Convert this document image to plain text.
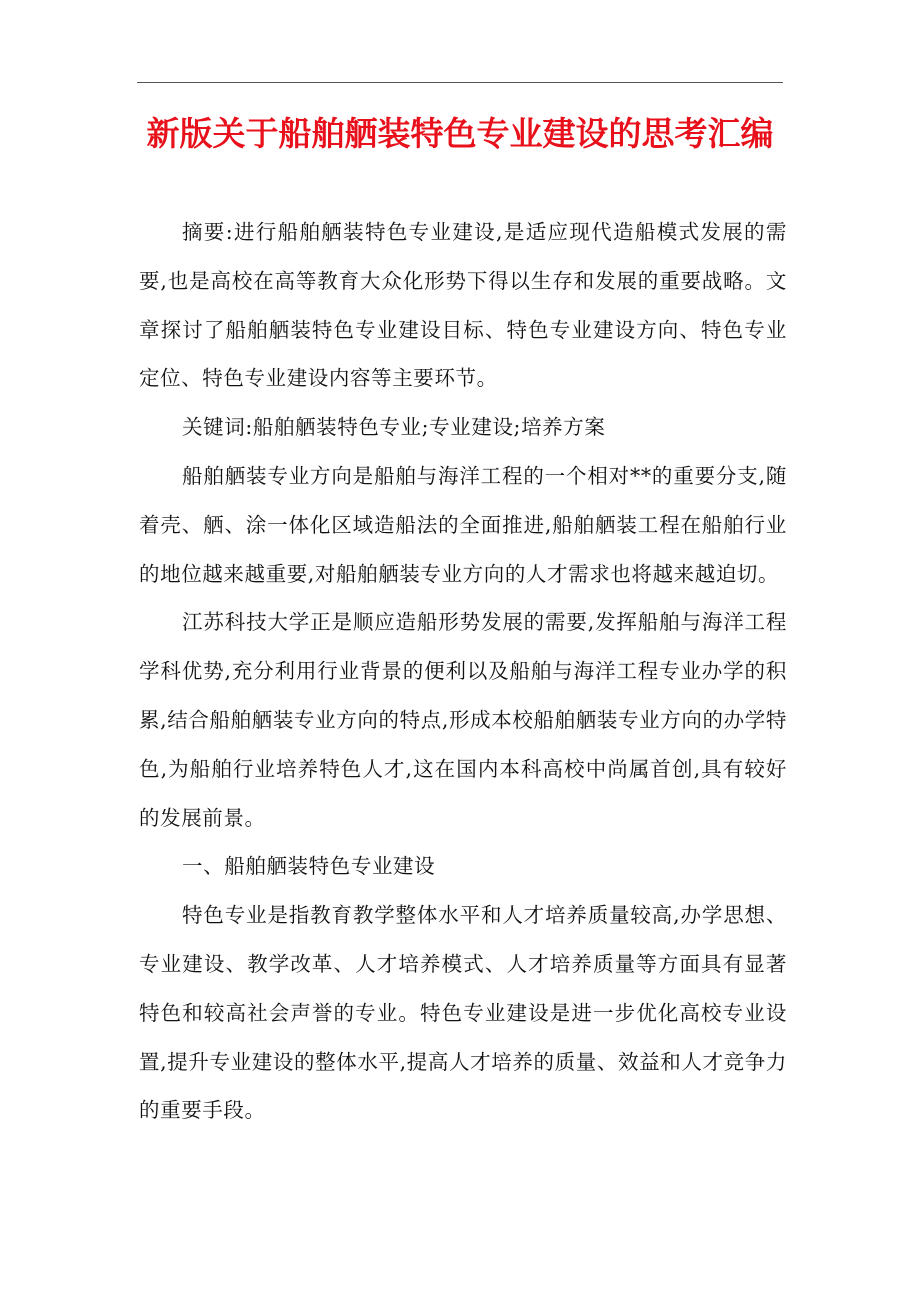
新版关于船舶舾装特色专业建设的思考汇编

摘要:进行船舶舾装特色专业建设,是适应现代造船模式发展的需要,也是高校在高等教育大众化形势下得以生存和发展的重要战略。文章探讨了船舶舾装特色专业建设目标、特色专业建设方向、特色专业定位、特色专业建设内容等主要环节。

关键词:船舶舾装特色专业;专业建设;培养方案

船舶舾装专业方向是船舶与海洋工程的一个相对**的重要分支,随着壳、舾、涂一体化区域造船法的全面推进,船舶舾装工程在船舶行业的地位越来越重要,对船舶舾装专业方向的人才需求也将越来越迫切。

江苏科技大学正是顺应造船形势发展的需要,发挥船舶与海洋工程学科优势,充分利用行业背景的便利以及船舶与海洋工程专业办学的积累,结合船舶舾装专业方向的特点,形成本校船舶舾装专业方向的办学特色,为船舶行业培养特色人才,这在国内本科高校中尚属首创,具有较好的发展前景。

一、船舶舾装特色专业建设

特色专业是指教育教学整体水平和人才培养质量较高,办学思想、专业建设、教学改革、人才培养模式、人才培养质量等方面具有显著特色和较高社会声誉的专业。特色专业建设是进一步优化高校专业设置,提升专业建设的整体水平,提高人才培养的质量、效益和人才竞争力的重要手段。
